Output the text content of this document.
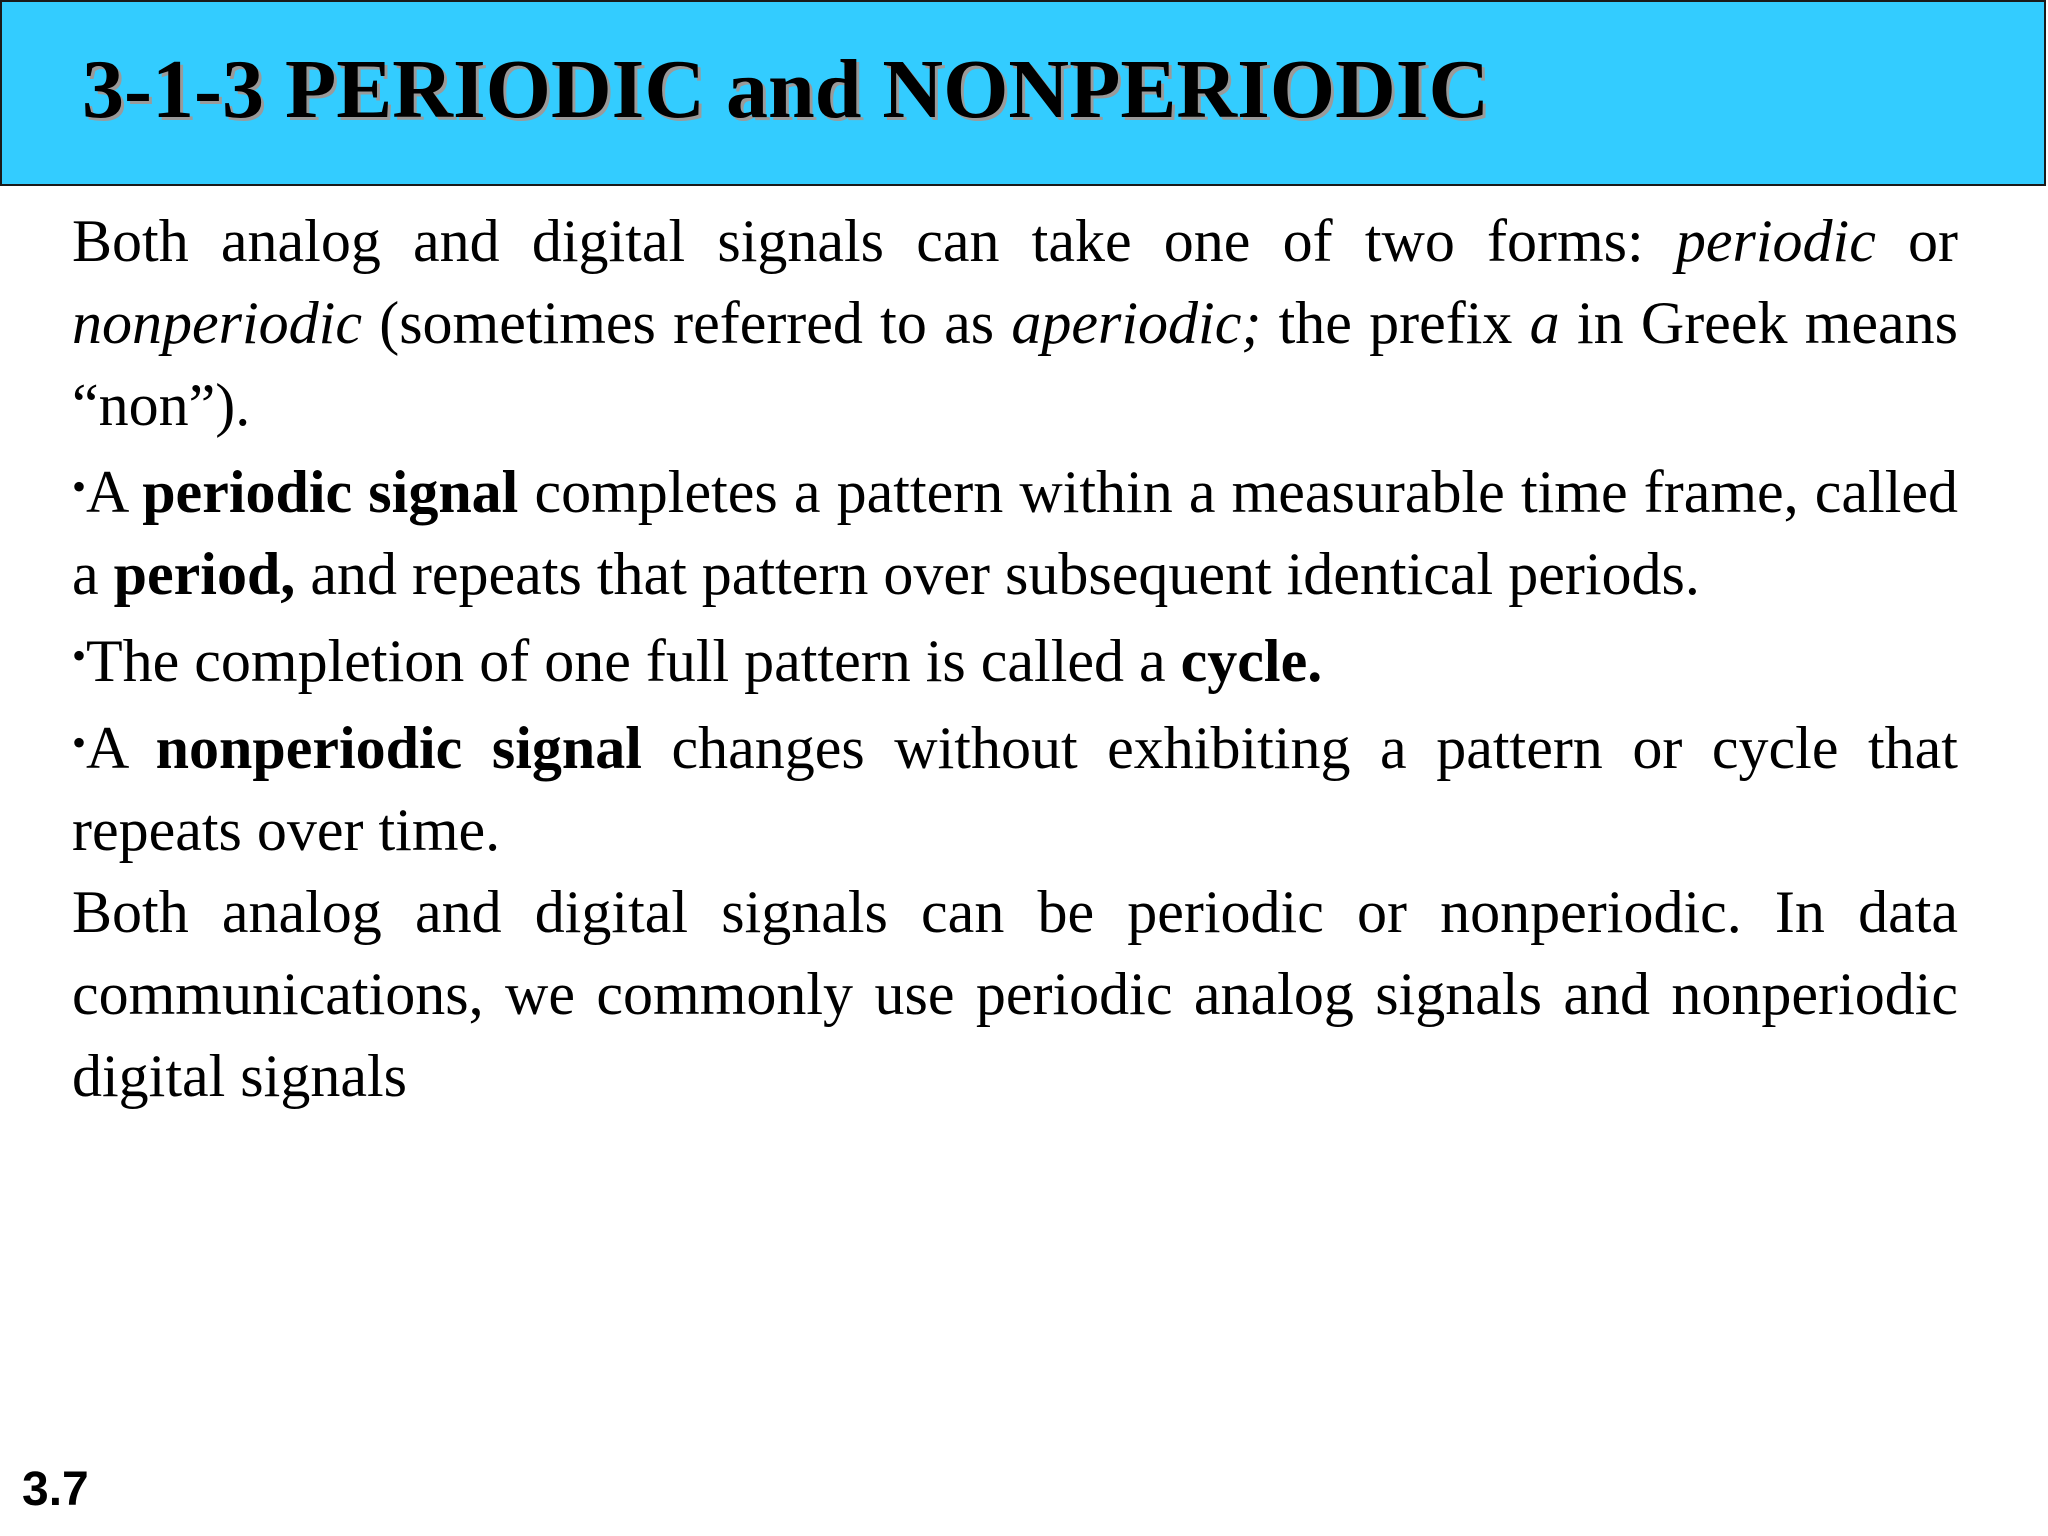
3-1-3 PERIODIC and NONPERIODIC

Both analog and digital signals can take one of two forms: periodic or nonperiodic (sometimes referred to as aperiodic; the prefix a in Greek means “non”).

•A periodic signal completes a pattern within a measurable time frame, called a period, and repeats that pattern over subsequent identical periods.

•The completion of one full pattern is called a cycle.

•A nonperiodic signal changes without exhibiting a pattern or cycle that repeats over time.

Both analog and digital signals can be periodic or nonperiodic. In data communications, we commonly use periodic analog signals and nonperiodic digital signals

3.7
